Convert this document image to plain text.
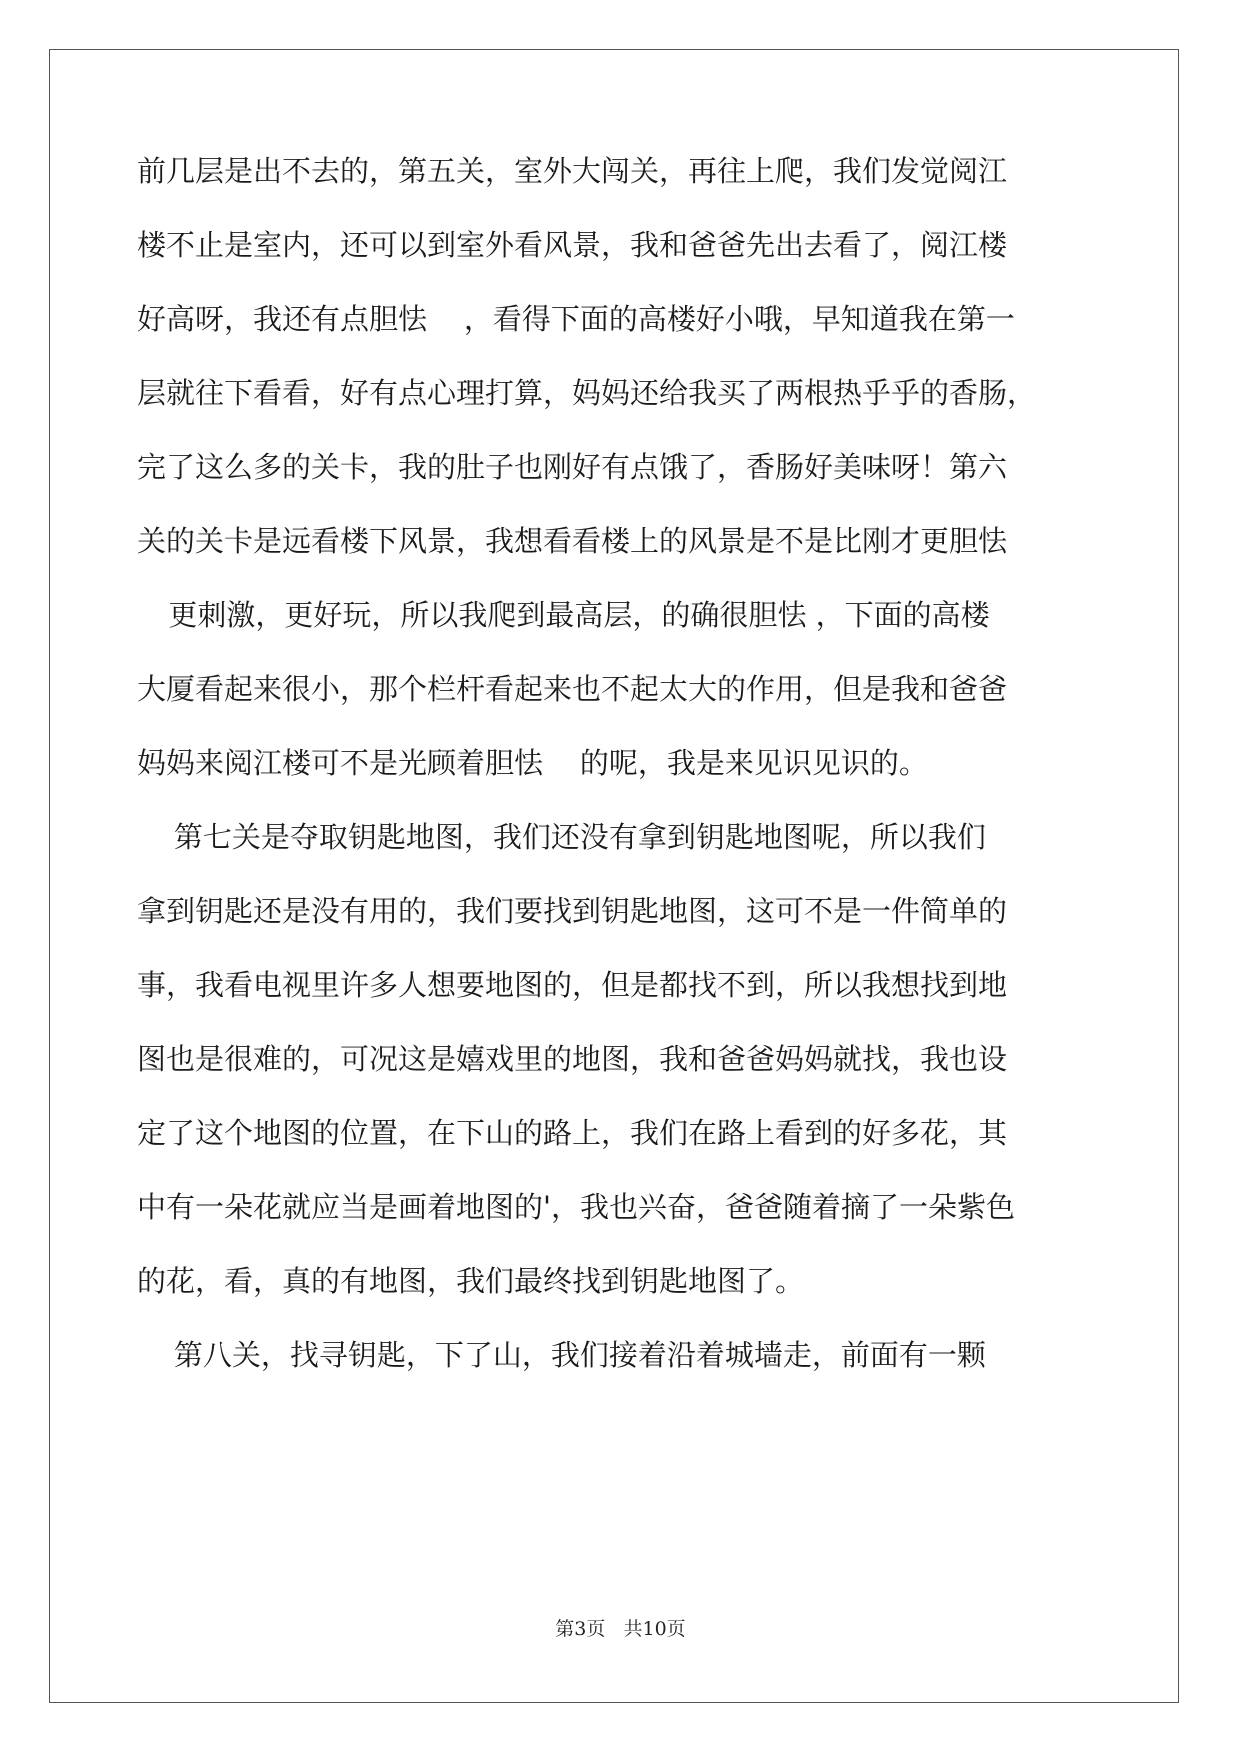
前几层是出不去的，第五关，室外大闯关，再往上爬，我们发觉阅江

楼不止是室内，还可以到室外看风景，我和爸爸先出去看了，阅江楼

好高呀，我还有点胆怯    ，看得下面的高楼好小哦，早知道我在第一

层就往下看看，好有点心理打算，妈妈还给我买了两根热乎乎的香肠，

完了这么多的关卡，我的肚子也刚好有点饿了，香肠好美味呀！第六

关的关卡是远看楼下风景，我想看看楼上的风景是不是比刚才更胆怯

更刺激，更好玩，所以我爬到最高层，的确很胆怯 ，下面的高楼

大厦看起来很小，那个栏杆看起来也不起太大的作用，但是我和爸爸

妈妈来阅江楼可不是光顾着胆怯    的呢，我是来见识见识的。

第七关是夺取钥匙地图，我们还没有拿到钥匙地图呢，所以我们

拿到钥匙还是没有用的，我们要找到钥匙地图，这可不是一件简单的

事，我看电视里许多人想要地图的，但是都找不到，所以我想找到地

图也是很难的，可况这是嬉戏里的地图，我和爸爸妈妈就找，我也设

定了这个地图的位置，在下山的路上，我们在路上看到的好多花，其

中有一朵花就应当是画着地图的'，我也兴奋，爸爸随着摘了一朵紫色

的花，看，真的有地图，我们最终找到钥匙地图了。

第八关，找寻钥匙，下了山，我们接着沿着城墙走，前面有一颗

第3页   共10页
